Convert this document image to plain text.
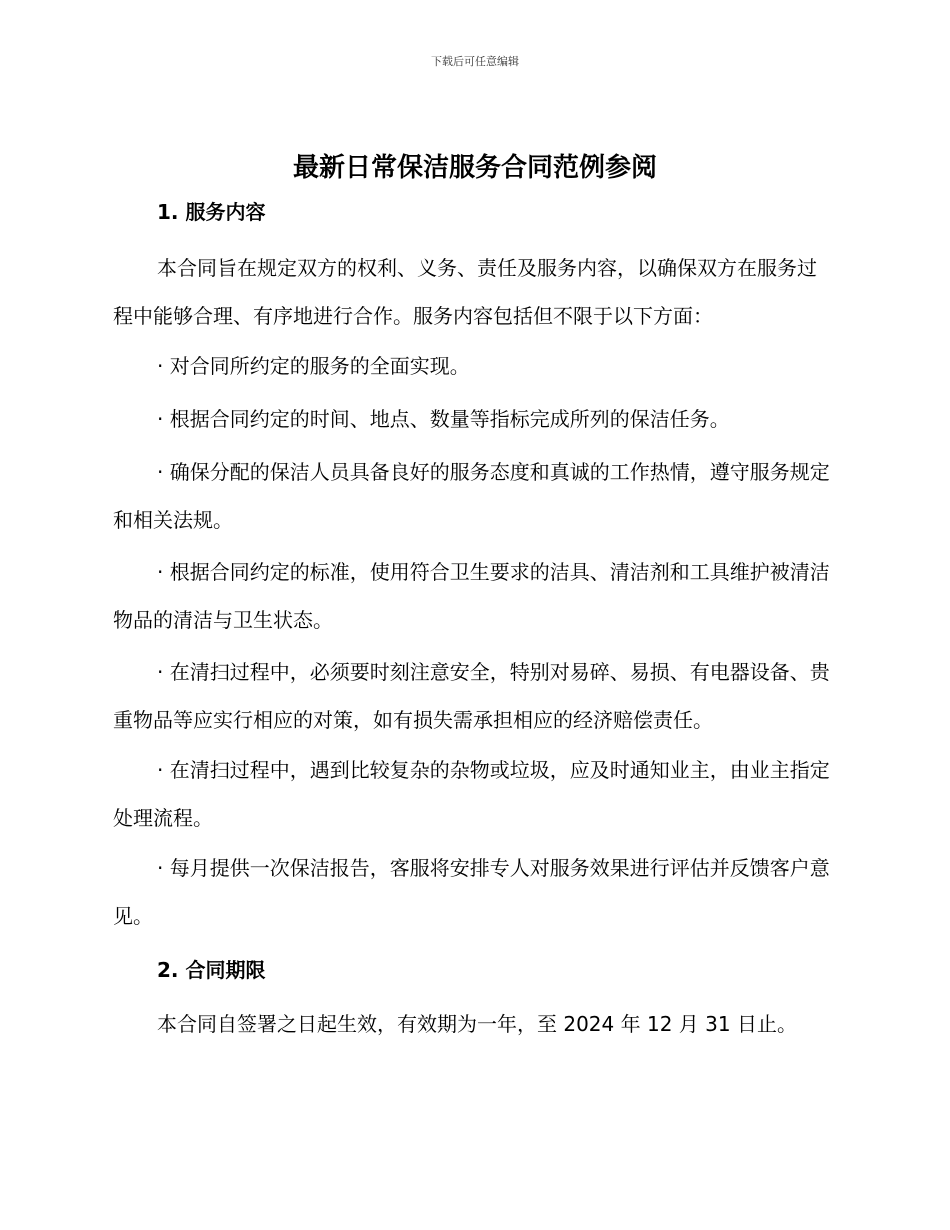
下载后可任意编辑
最新日常保洁服务合同范例参阅
1. 服务内容

本合同旨在规定双方的权利、义务、责任及服务内容，以确保双方在服务过程中能够合理、有序地进行合作。服务内容包括但不限于以下方面：

· 对合同所约定的服务的全面实现。

· 根据合同约定的时间、地点、数量等指标完成所列的保洁任务。

· 确保分配的保洁人员具备良好的服务态度和真诚的工作热情，遵守服务规定和相关法规。

· 根据合同约定的标准，使用符合卫生要求的洁具、清洁剂和工具维护被清洁物品的清洁与卫生状态。

· 在清扫过程中，必须要时刻注意安全，特别对易碎、易损、有电器设备、贵重物品等应实行相应的对策，如有损失需承担相应的经济赔偿责任。

· 在清扫过程中，遇到比较复杂的杂物或垃圾，应及时通知业主，由业主指定处理流程。

· 每月提供一次保洁报告，客服将安排专人对服务效果进行评估并反馈客户意见。

2. 合同期限

本合同自签署之日起生效，有效期为一年，至 2024 年 12 月 31 日止。
